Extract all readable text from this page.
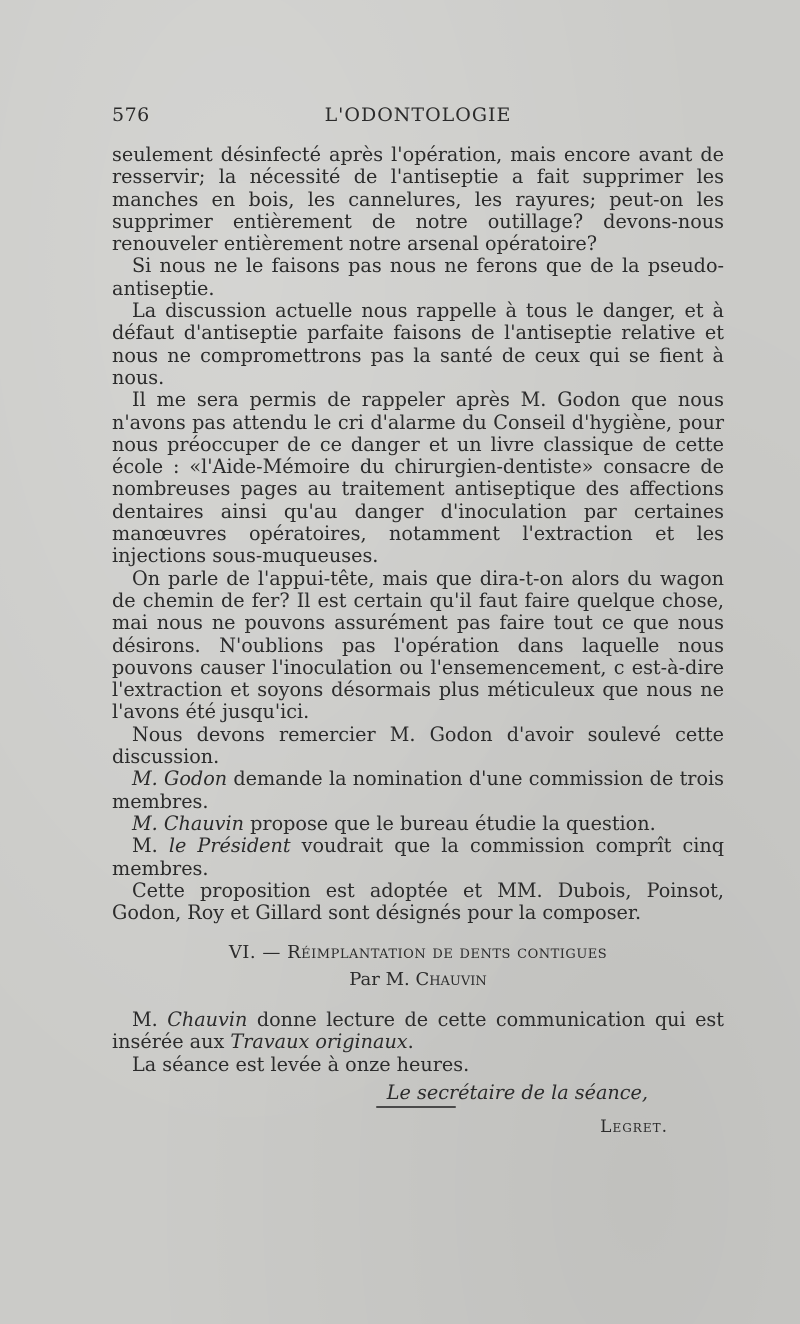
576	L'ODONTOLOGIE

seulement désinfecté après l'opération, mais encore avant de resservir; la nécessité de l'antiseptie a fait supprimer les manches en bois, les cannelures, les rayures; peut-on les supprimer entièrement de notre outillage? devons-nous renouveler entièrement notre arsenal opératoire?

Si nous ne le faisons pas nous ne ferons que de la pseudo-antiseptie.

La discussion actuelle nous rappelle à tous le danger, et à défaut d'antiseptie parfaite faisons de l'antiseptie relative et nous ne compromettrons pas la santé de ceux qui se fient à nous.

Il me sera permis de rappeler après M. Godon que nous n'avons pas attendu le cri d'alarme du Conseil d'hygiène, pour nous préoccuper de ce danger et un livre classique de cette école : «l'Aide-Mémoire du chirurgien-dentiste» consacre de nombreuses pages au traitement antiseptique des affections dentaires ainsi qu'au danger d'inoculation par certaines manœuvres opératoires, notamment l'extraction et les injections sous-muqueuses.

On parle de l'appui-tête, mais que dira-t-on alors du wagon de chemin de fer? Il est certain qu'il faut faire quelque chose, mai nous ne pouvons assurément pas faire tout ce que nous désirons. N'oublions pas l'opération dans laquelle nous pouvons causer l'inoculation ou l'ensemencement, c est-à-dire l'extraction et soyons désormais plus méticuleux que nous ne l'avons été jusqu'ici.

Nous devons remercier M. Godon d'avoir soulevé cette discussion.

M. Godon demande la nomination d'une commission de trois membres.

M. Chauvin propose que le bureau étudie la question.

M. le Président voudrait que la commission comprît cinq membres.

Cette proposition est adoptée et MM. Dubois, Poinsot, Godon, Roy et Gillard sont désignés pour la composer.

VI. — Réimplantation de dents contigues
Par M. Chauvin

M. Chauvin donne lecture de cette communication qui est insérée aux Travaux originaux.

La séance est levée à onze heures.

Le secrétaire de la séance,
Legret.
